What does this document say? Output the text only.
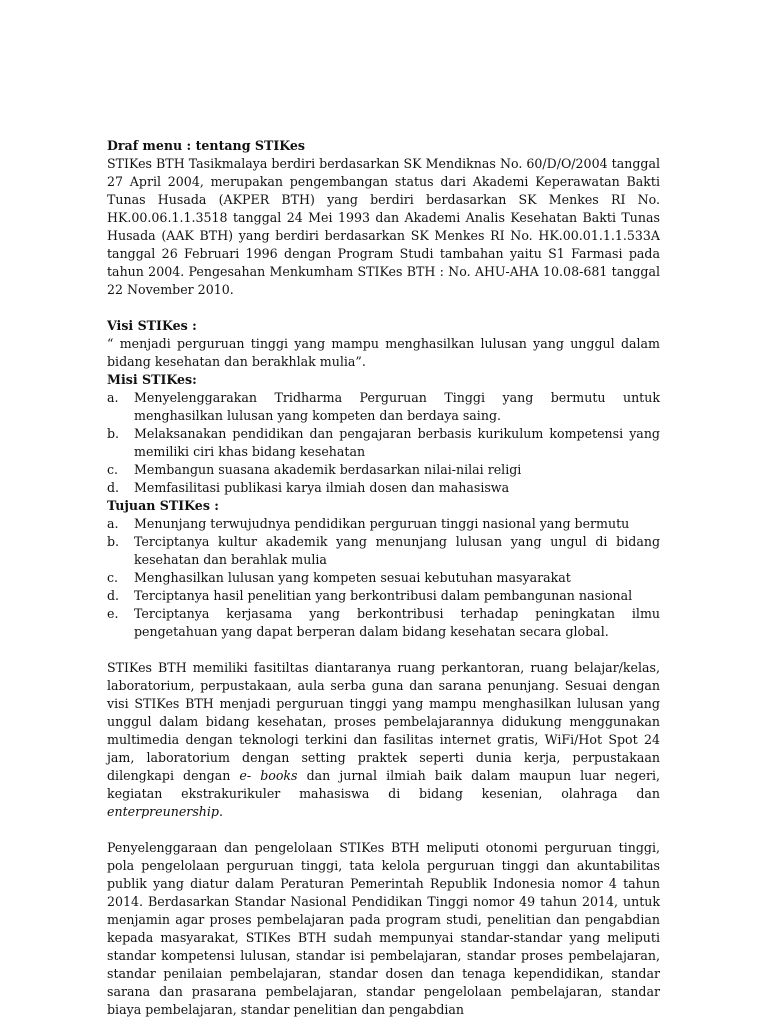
Draf menu : tentang STIKes

STIKes BTH Tasikmalaya berdiri berdasarkan SK Mendiknas No. 60/D/O/2004 tanggal 27 April 2004, merupakan pengembangan status dari Akademi Keperawatan Bakti Tunas Husada (AKPER BTH) yang berdiri berdasarkan SK Menkes RI No. HK.00.06.1.1.3518 tanggal 24 Mei 1993 dan Akademi Analis Kesehatan Bakti Tunas Husada (AAK BTH) yang berdiri berdasarkan SK Menkes RI No. HK.00.01.1.1.533A tanggal 26 Februari 1996 dengan Program Studi tambahan yaitu S1 Farmasi pada tahun 2004. Pengesahan Menkumham STIKes BTH : No. AHU-AHA 10.08-681 tanggal 22 November 2010.

Visi STIKes :

“ menjadi perguruan tinggi yang mampu menghasilkan lulusan yang unggul dalam bidang kesehatan dan berakhlak mulia”.

Misi STIKes:

a. Menyelenggarakan Tridharma Perguruan Tinggi yang bermutu untuk menghasilkan lulusan yang kompeten dan berdaya saing.
b. Melaksanakan pendidikan dan pengajaran berbasis kurikulum kompetensi yang memiliki ciri khas bidang kesehatan
c. Membangun suasana akademik berdasarkan nilai-nilai religi
d. Memfasilitasi publikasi karya ilmiah dosen dan mahasiswa

Tujuan STIKes :

a. Menunjang terwujudnya pendidikan perguruan tinggi nasional yang bermutu
b. Terciptanya kultur akademik yang menunjang lulusan yang ungul di bidang kesehatan dan berahlak mulia
c. Menghasilkan lulusan yang kompeten sesuai kebutuhan masyarakat
d. Terciptanya hasil penelitian yang berkontribusi dalam pembangunan nasional
e. Terciptanya kerjasama yang berkontribusi terhadap peningkatan ilmu pengetahuan yang dapat berperan dalam bidang kesehatan secara global.

STIKes BTH memiliki fasitiltas diantaranya ruang perkantoran, ruang belajar/kelas, laboratorium, perpustakaan, aula serba guna dan sarana penunjang. Sesuai dengan visi STIKes BTH menjadi perguruan tinggi yang mampu menghasilkan lulusan yang unggul dalam bidang kesehatan, proses pembelajarannya didukung menggunakan multimedia dengan teknologi terkini dan fasilitas internet gratis, WiFi/Hot Spot 24 jam, laboratorium dengan setting praktek seperti dunia kerja, perpustakaan dilengkapi dengan e- books dan jurnal ilmiah baik dalam maupun luar negeri, kegiatan ekstrakurikuler mahasiswa di bidang kesenian, olahraga dan enterpreunership.

Penyelenggaraan dan pengelolaan STIKes BTH meliputi otonomi perguruan tinggi, pola pengelolaan perguruan tinggi, tata kelola perguruan tinggi dan akuntabilitas publik yang diatur dalam Peraturan Pemerintah Republik Indonesia nomor 4 tahun 2014. Berdasarkan Standar Nasional Pendidikan Tinggi nomor 49 tahun 2014, untuk menjamin agar proses pembelajaran pada program studi, penelitian dan pengabdian kepada masyarakat, STIKes BTH sudah mempunyai standar-standar yang meliputi standar kompetensi lulusan, standar isi pembelajaran, standar proses pembelajaran, standar penilaian pembelajaran, standar dosen dan tenaga kependidikan, standar sarana dan prasarana pembelajaran, standar pengelolaan pembelajaran, standar biaya pembelajaran, standar penelitian dan pengabdian
